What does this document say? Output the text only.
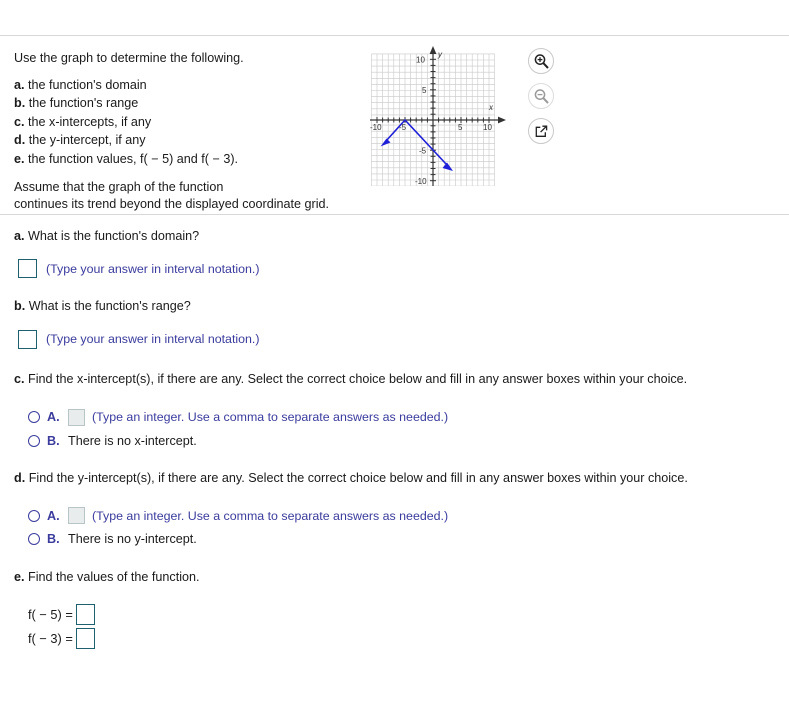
Use the graph to determine the following.
a. the function's domain
b. the function's range
c. the x-intercepts, if any
d. the y-intercept, if any
e. the function values, f( − 5) and f( − 3).
Assume that the graph of the function
continues its trend beyond the displayed coordinate grid.
-10 -5	5	10
10
5
-5
-10
x
y

a. What is the function's domain?

(Type your answer in interval notation.)

b. What is the function's range?

(Type your answer in interval notation.)

c. Find the x-intercept(s), if there are any. Select the correct choice below and fill in any answer boxes within your choice.

A.	(Type an integer. Use a comma to separate answers as needed.)
B. There is no x-intercept.

d. Find the y-intercept(s), if there are any. Select the correct choice below and fill in any answer boxes within your choice.

A.	(Type an integer. Use a comma to separate answers as needed.)
B. There is no y-intercept.

e. Find the values of the function.

f( − 5) =
f( − 3) =
